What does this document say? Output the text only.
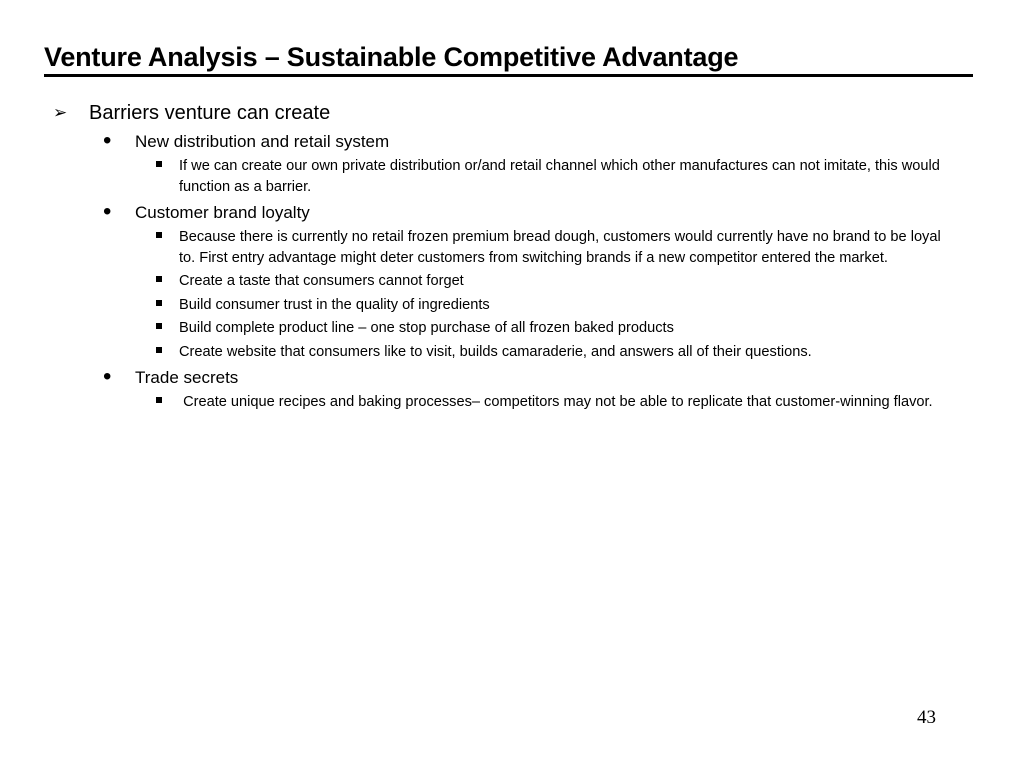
Venture Analysis – Sustainable Competitive Advantage
➢ Barriers venture can create
• New distribution and retail system
If we can create our own private distribution or/and retail channel which other manufactures can not imitate, this would function as a barrier.
• Customer brand loyalty
Because there is currently no retail frozen premium bread dough, customers would currently have no brand to be loyal to. First entry advantage might deter customers from switching brands if a new competitor entered the market.
Create a taste that consumers cannot forget
Build consumer trust in the quality of ingredients
Build complete product line – one stop purchase of all frozen baked products
Create website that consumers like to visit, builds camaraderie, and answers all of their questions.
• Trade secrets
Create unique recipes and baking processes– competitors may not be able to replicate that customer-winning flavor.
43
